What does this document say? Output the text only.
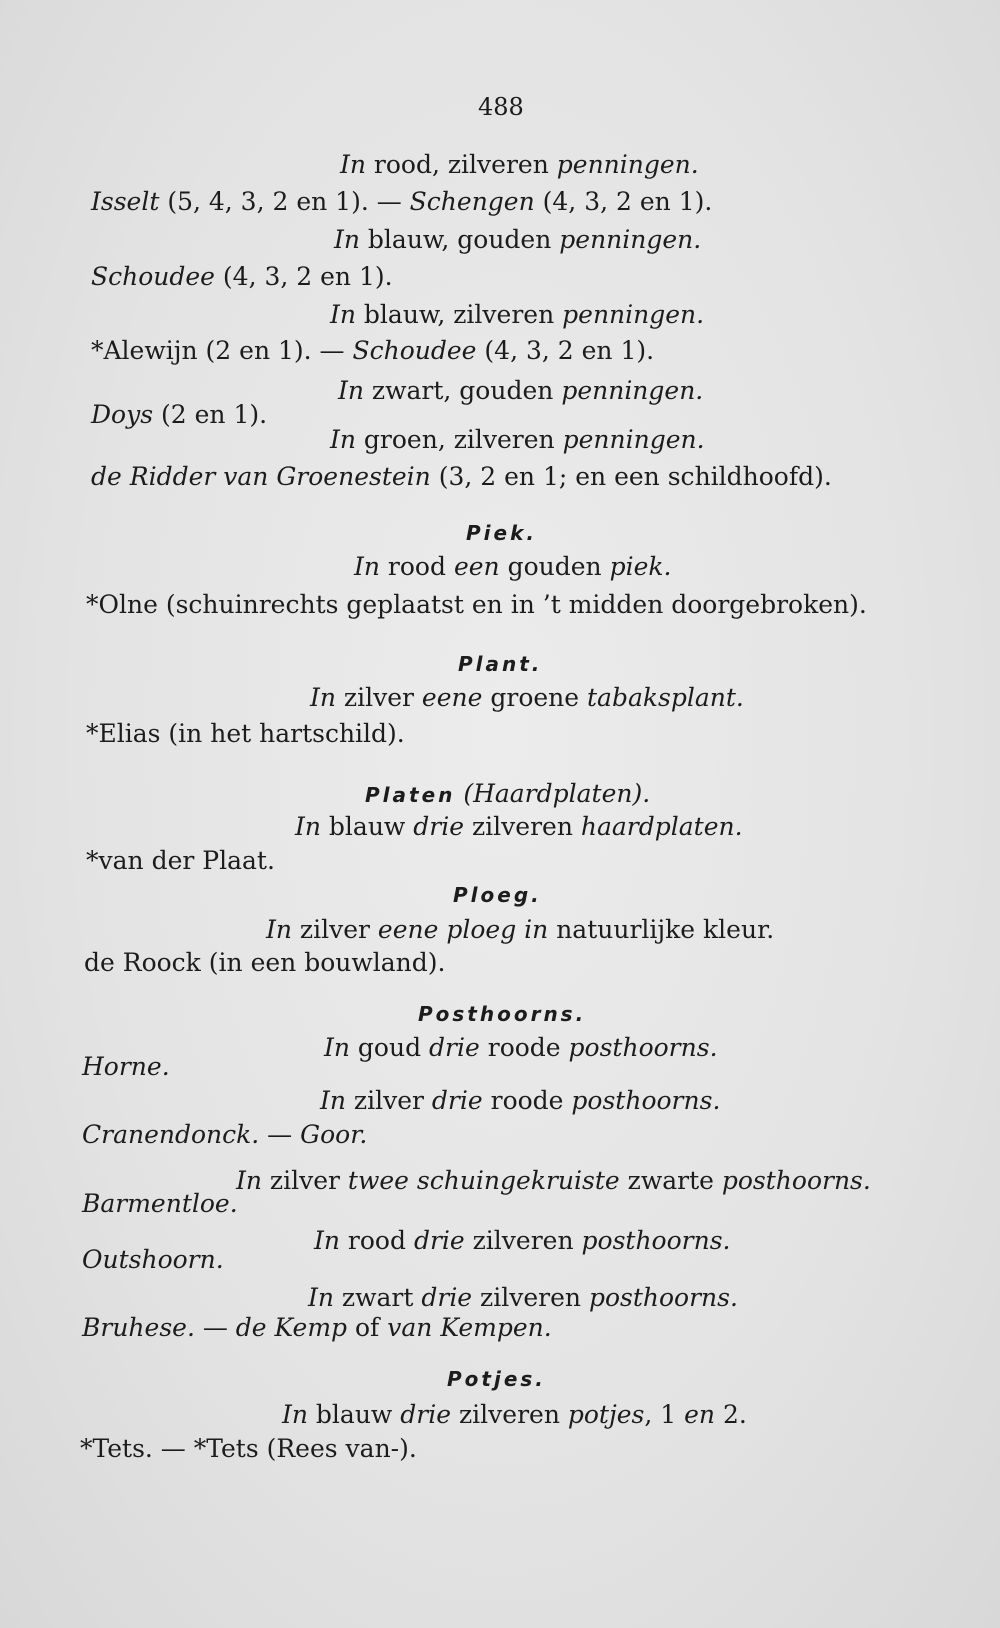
488

In rood, zilveren penningen.

Isselt (5, 4, 3, 2 en 1). — Schengen (4, 3, 2 en 1).

In blauw, gouden penningen.

Schoudee (4, 3, 2 en 1).

In blauw, zilveren penningen.

*Alewijn (2 en 1). — Schoudee (4, 3, 2 en 1).

In zwart, gouden penningen.

Doys (2 en 1).

In groen, zilveren penningen.

de Ridder van Groenestein (3, 2 en 1; en een schildhoofd).

Piek.

In rood een gouden piek.

*Olne (schuinrechts geplaatst en in ’t midden doorgebroken).

Plant.

In zilver eene groene tabaksplant.

*Elias (in het hartschild).

Platen (Haardplaten).

In blauw drie zilveren haardplaten.

*van der Plaat.

Ploeg.

In zilver eene ploeg in natuurlijke kleur.

de Roock (in een bouwland).

Posthoorns.

In goud drie roode posthoorns.

Horne.

In zilver drie roode posthoorns.

Cranendonck. — Goor.

In zilver twee schuingekruiste zwarte posthoorns.

Barmentloe.

In rood drie zilveren posthoorns.

Outshoorn.

In zwart drie zilveren posthoorns.

Bruhese. — de Kemp of van Kempen.

Potjes.

In blauw drie zilveren potjes, 1 en 2.

*Tets. — *Tets (Rees van-).
